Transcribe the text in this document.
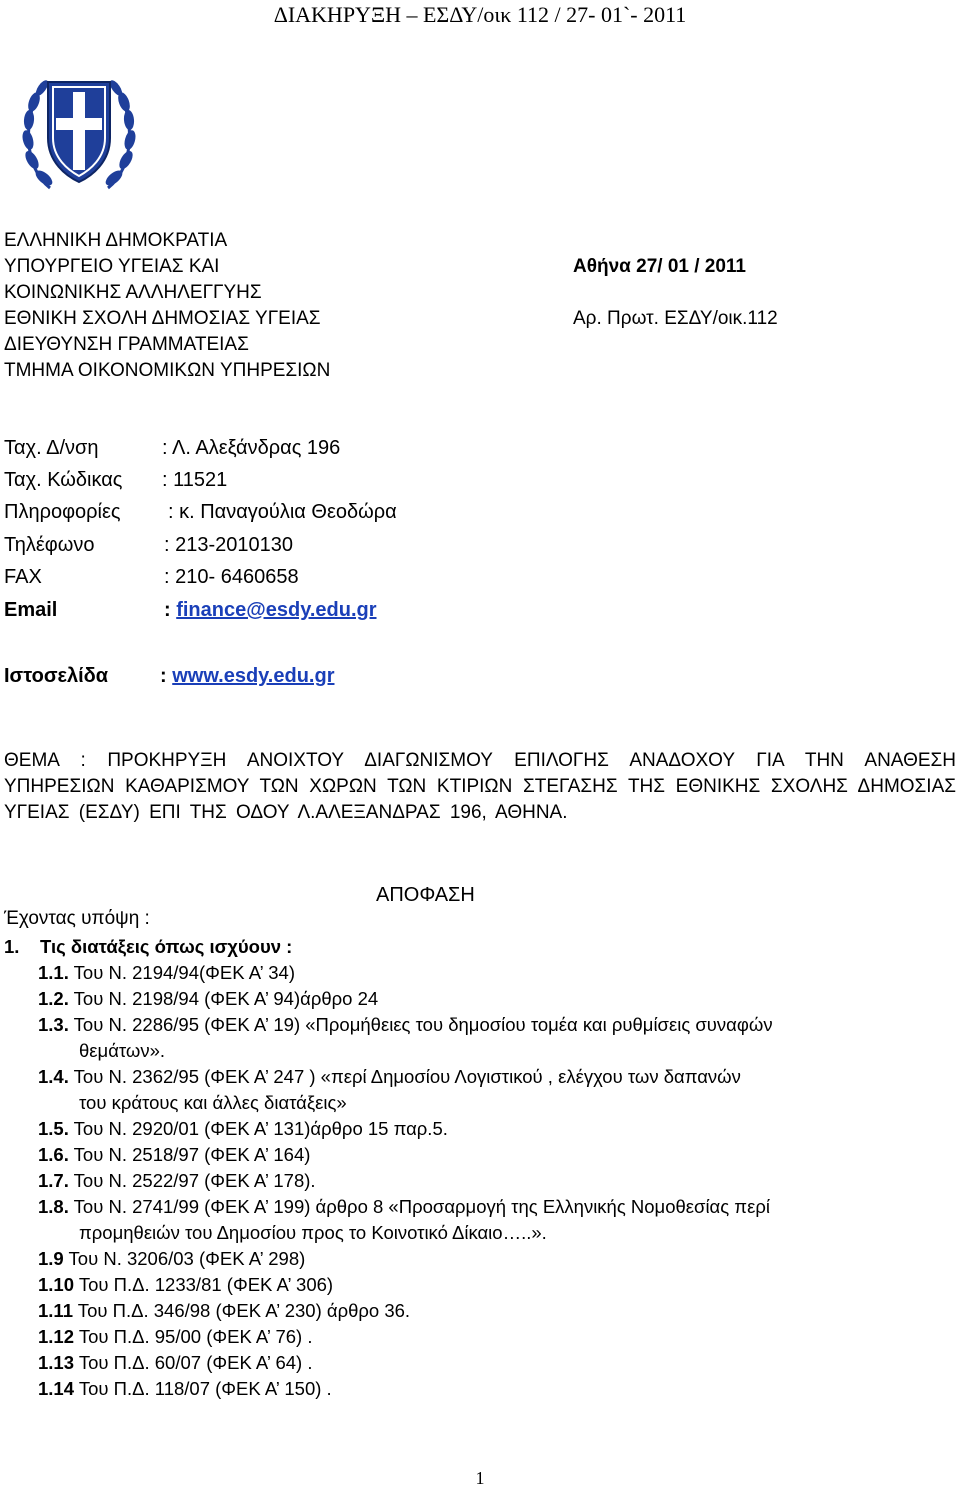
ΔΙΑΚΗΡΥΞΗ – ΕΣΔΥ/οικ 112 / 27- 01`- 2011
ΕΛΛΗΝΙΚΗ ΔΗΜΟΚΡΑΤΙΑ
ΥΠΟΥΡΓΕΙΟ ΥΓΕΙΑΣ ΚΑΙ
ΚΟΙΝΩΝΙΚΗΣ ΑΛΛΗΛΕΓΓΥΗΣ
ΕΘΝΙΚΗ ΣΧΟΛΗ ΔΗΜΟΣΙΑΣ ΥΓΕΙΑΣ
ΔΙΕΥΘΥΝΣΗ ΓΡΑΜΜΑΤΕΙΑΣ
ΤΜΗΜΑ ΟΙΚΟΝΟΜΙΚΩΝ ΥΠΗΡΕΣΙΩΝ
Αθήνα 27/ 01 / 2011
Αρ. Πρωτ. ΕΣΔΥ/οικ.112
Ταχ. Δ/νση	: Λ. Αλεξάνδρας 196
Ταχ. Κώδικας : 11521
Πληροφορίες : κ. Παναγούλια Θεοδώρα
Τηλέφωνο	: 213-2010130
FAX	: 210- 6460658
Email	: finance@esdy.edu.gr
Ιστοσελίδα	: www.esdy.edu.gr
ΘΕΜΑ : ΠΡΟΚΗΡΥΞΗ ΑΝΟΙΧΤΟΥ ΔΙΑΓΩΝΙΣΜΟΥ ΕΠΙΛΟΓΗΣ ΑΝΑΔΟΧΟΥ ΓΙΑ ΤΗΝ ΑΝΑΘΕΣΗ ΥΠΗΡΕΣΙΩΝ ΚΑΘΑΡΙΣΜΟΥ ΤΩΝ ΧΩΡΩΝ ΤΩΝ ΚΤΙΡΙΩΝ ΣΤΕΓΑΣΗΣ ΤΗΣ ΕΘΝΙΚΗΣ ΣΧΟΛΗΣ ΔΗΜΟΣΙΑΣ ΥΓΕΙΑΣ (ΕΣΔΥ) ΕΠΙ ΤΗΣ ΟΔΟΥ Λ.ΑΛΕΞΑΝΔΡΑΣ 196, ΑΘΗΝΑ.
ΑΠΟΦΑΣΗ
Έχοντας υπόψη :
1. Τις διατάξεις όπως ισχύουν :
1.1. Του Ν. 2194/94(ΦΕΚ Α’ 34)
1.2. Του Ν. 2198/94 (ΦΕΚ Α’ 94)άρθρο 24
1.3. Του Ν. 2286/95 (ΦΕΚ Α’ 19) «Προμήθειες του δημοσίου τομέα και ρυθμίσεις συναφών
θεμάτων».
1.4. Του Ν. 2362/95 (ΦΕΚ Α’ 247 ) «περί Δημοσίου Λογιστικού , ελέγχου των δαπανών
του κράτους και άλλες διατάξεις»
1.5. Του Ν. 2920/01 (ΦΕΚ Α’ 131)άρθρο 15 παρ.5.
1.6. Του Ν. 2518/97 (ΦΕΚ Α’ 164)
1.7. Του Ν. 2522/97 (ΦΕΚ Α’ 178).
1.8. Του Ν. 2741/99 (ΦΕΚ Α’ 199) άρθρο 8 «Προσαρμογή της Ελληνικής Νομοθεσίας περί
προμηθειών του Δημοσίου προς το Κοινοτικό Δίκαιο…..».
1.9 Του Ν. 3206/03 (ΦΕΚ Α’ 298)
1.10 Του Π.Δ. 1233/81 (ΦΕΚ Α’ 306)
1.11 Του Π.Δ. 346/98 (ΦΕΚ Α’ 230) άρθρο 36.
1.12 Του Π.Δ. 95/00 (ΦΕΚ Α’ 76) .
1.13 Του Π.Δ. 60/07 (ΦΕΚ Α’ 64) .
1.14 Του Π.Δ. 118/07 (ΦΕΚ Α’ 150) .
1
